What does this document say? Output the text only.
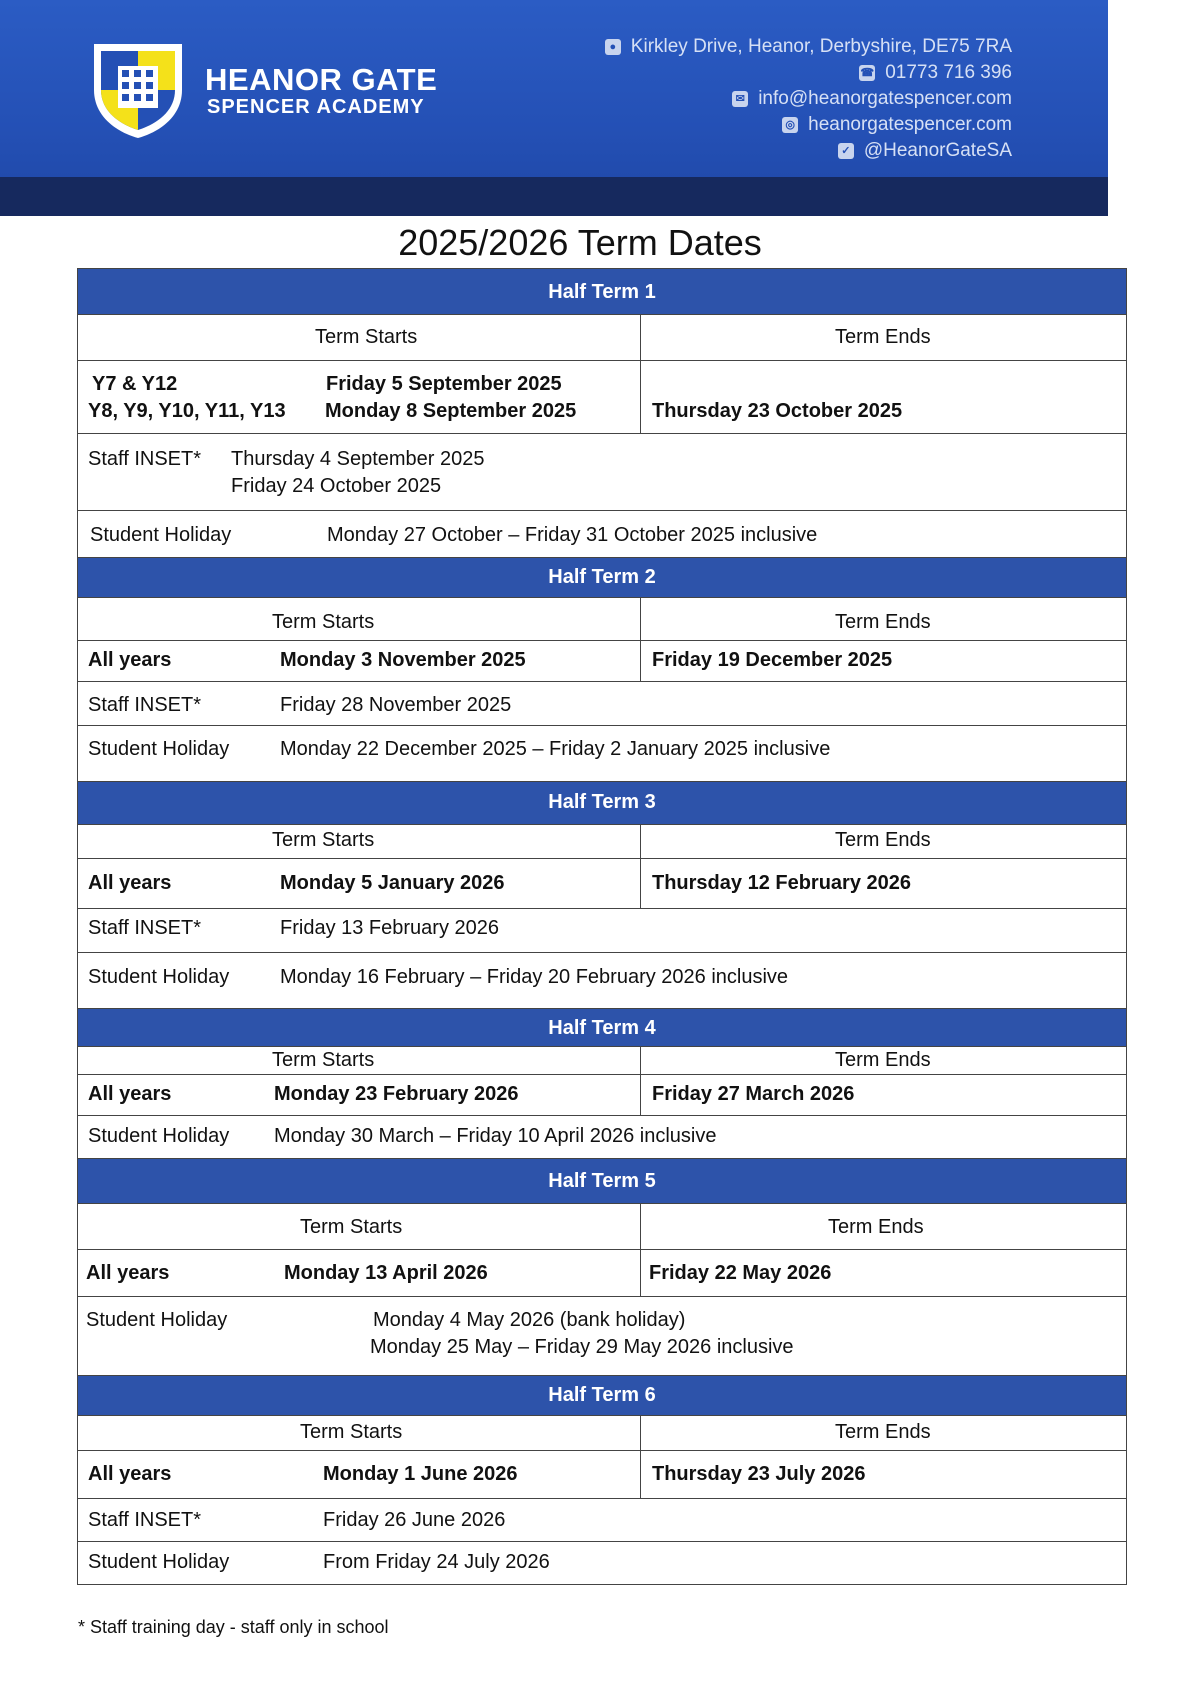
HEANOR GATE
SPENCER ACADEMY
● Kirkley Drive, Heanor, Derbyshire, DE75 7RA
☎ 01773 716 396
✉ info@heanorgatespencer.com
◎ heanorgatespencer.com
✓ @HeanorGateSA
2025/2026 Term Dates
Half Term 1
Term Starts	Term Ends
Y7 & Y12	Friday 5 September 2025
Y8, Y9, Y10, Y11, Y13 Monday 8 September 2025	Thursday 23 October 2025
Staff INSET* Thursday 4 September 2025
Friday 24 October 2025
Student Holiday	Monday 27 October – Friday 31 October 2025 inclusive
Half Term 2
Term Starts	Term Ends
All years	Monday 3 November 2025	Friday 19 December 2025
Staff INSET*	Friday 28 November 2025
Student Holiday	Monday 22 December 2025 – Friday 2 January 2025 inclusive
Half Term 3
Term Starts	Term Ends
All years	Monday 5 January 2026	Thursday 12 February 2026
Staff INSET*	Friday 13 February 2026
Student Holiday	Monday 16 February – Friday 20 February 2026 inclusive
Half Term 4
Term Starts	Term Ends
All years	Monday 23 February 2026	Friday 27 March 2026
Student Holiday Monday 30 March – Friday 10 April 2026 inclusive
Half Term 5
Term Starts	Term Ends
All years	Monday 13 April 2026	Friday 22 May 2026
Student Holiday	Monday 4 May 2026 (bank holiday)
Monday 25 May – Friday 29 May 2026 inclusive
Half Term 6
Term Starts	Term Ends
All years	Monday 1 June 2026	Thursday 23 July 2026
Staff INSET*	Friday 26 June 2026
Student Holiday	From Friday 24 July 2026
* Staff training day - staff only in school
